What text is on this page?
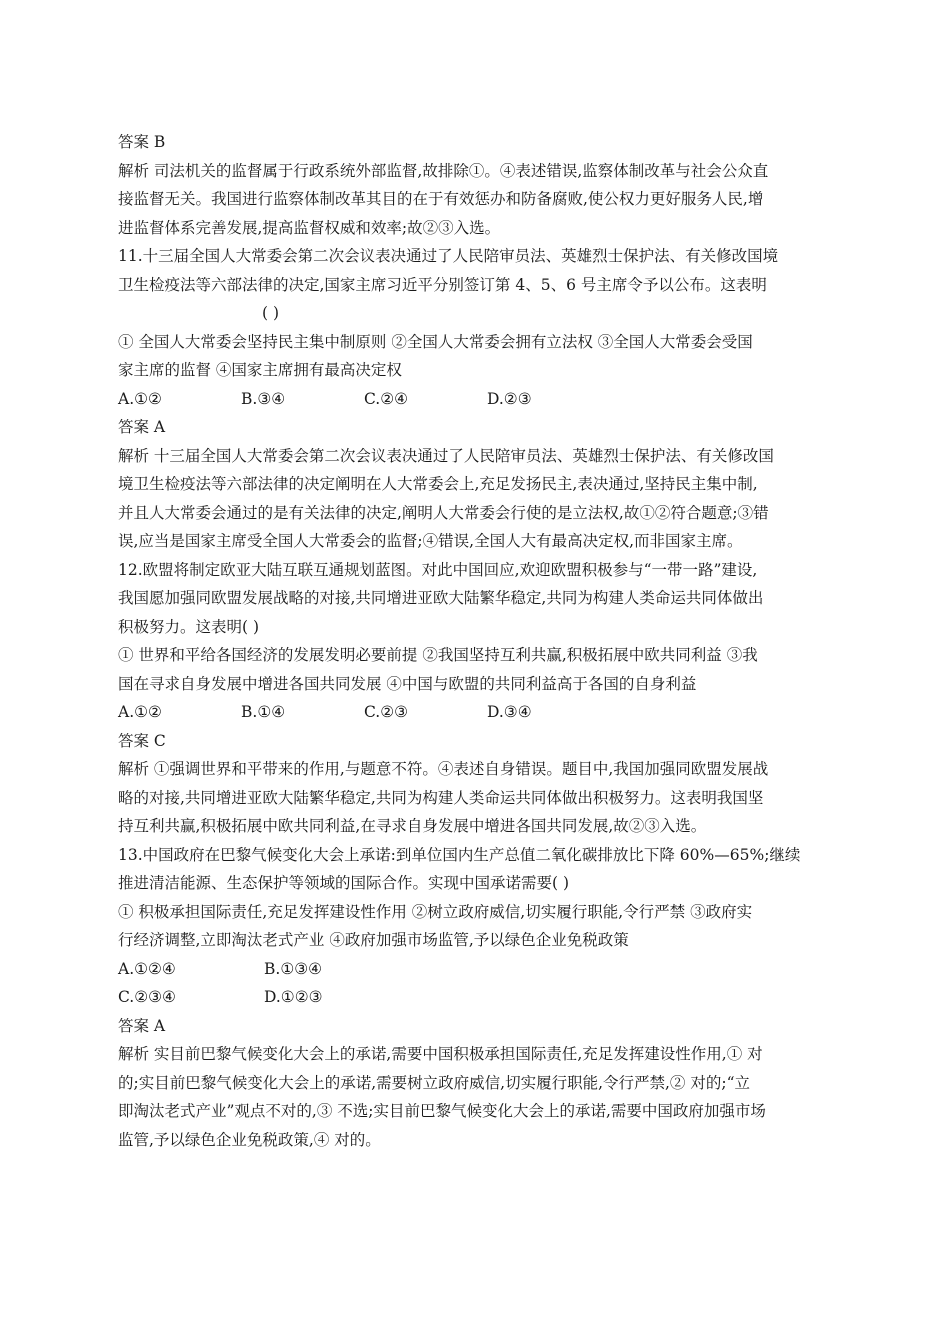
答案 B
解析 司法机关的监督属于行政系统外部监督,故排除①。④表述错误,监察体制改革与社会公众直
接监督无关。我国进行监察体制改革其目的在于有效惩办和防备腐败,使公权力更好服务人民,增
进监督体系完善发展,提高监督权威和效率;故②③入选。
11.十三届全国人大常委会第二次会议表决通过了人民陪审员法、英雄烈士保护法、有关修改国境
卫生检疫法等六部法律的决定,国家主席习近平分别签订第 4、5、6 号主席令予以公布。这表明
( )
① 全国人大常委会坚持民主集中制原则 ②全国人大常委会拥有立法权 ③全国人大常委会受国
家主席的监督 ④国家主席拥有最高决定权
A.①②	B.③④	C.②④	D.②③
答案 A
解析 十三届全国人大常委会第二次会议表决通过了人民陪审员法、英雄烈士保护法、有关修改国
境卫生检疫法等六部法律的决定阐明在人大常委会上,充足发扬民主,表决通过,坚持民主集中制,
并且人大常委会通过的是有关法律的决定,阐明人大常委会行使的是立法权,故①②符合题意;③错
误,应当是国家主席受全国人大常委会的监督;④错误,全国人大有最高决定权,而非国家主席。
12.欧盟将制定欧亚大陆互联互通规划蓝图。对此中国回应,欢迎欧盟积极参与“一带一路”建设,
我国愿加强同欧盟发展战略的对接,共同增进亚欧大陆繁华稳定,共同为构建人类命运共同体做出
积极努力。这表明( )
① 世界和平给各国经济的发展发明必要前提 ②我国坚持互利共赢,积极拓展中欧共同利益 ③我
国在寻求自身发展中增进各国共同发展 ④中国与欧盟的共同利益高于各国的自身利益
A.①②	B.①④	C.②③	D.③④
答案 C
解析 ①强调世界和平带来的作用,与题意不符。④表述自身错误。题目中,我国加强同欧盟发展战
略的对接,共同增进亚欧大陆繁华稳定,共同为构建人类命运共同体做出积极努力。这表明我国坚
持互利共赢,积极拓展中欧共同利益,在寻求自身发展中增进各国共同发展,故②③入选。
13.中国政府在巴黎气候变化大会上承诺:到单位国内生产总值二氧化碳排放比下降 60%—65%;继续
推进清洁能源、生态保护等领域的国际合作。实现中国承诺需要( )
① 积极承担国际责任,充足发挥建设性作用 ②树立政府威信,切实履行职能,令行严禁 ③政府实
行经济调整,立即淘汰老式产业 ④政府加强市场监管,予以绿色企业免税政策
A.①②④	B.①③④
C.②③④	D.①②③
答案 A
解析 实目前巴黎气候变化大会上的承诺,需要中国积极承担国际责任,充足发挥建设性作用,① 对
的;实目前巴黎气候变化大会上的承诺,需要树立政府威信,切实履行职能,令行严禁,② 对的;“立
即淘汰老式产业”观点不对的,③ 不选;实目前巴黎气候变化大会上的承诺,需要中国政府加强市场
监管,予以绿色企业免税政策,④ 对的。
